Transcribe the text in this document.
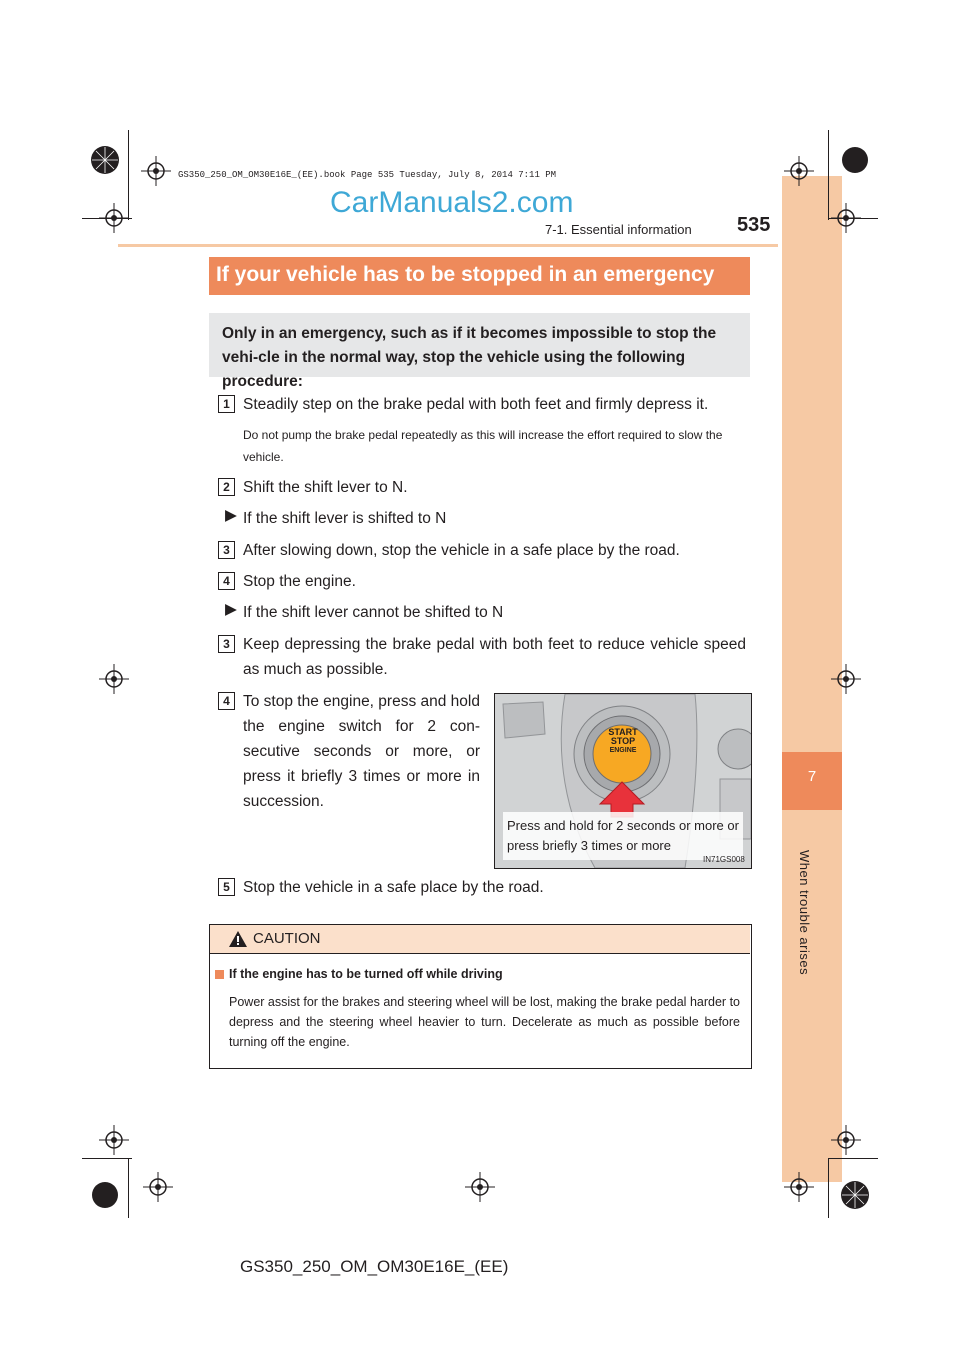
7
When trouble arises
GS350_250_OM_OM30E16E_(EE).book Page 535 Tuesday, July 8, 2014 7:11 PM
CarManuals2.com
7-1. Essential information 535
If your vehicle has to be stopped in an emergency
Only in an emergency, such as if it becomes impossible to stop the vehi-cle in the normal way, stop the vehicle using the following procedure:
1 Steadily step on the brake pedal with both feet and firmly depress it.
Do not pump the brake pedal repeatedly as this will increase the effort required to slow the vehicle.
2 Shift the shift lever to N.
▶ If the shift lever is shifted to N
3 After slowing down, stop the vehicle in a safe place by the road.
4 Stop the engine.
▶ If the shift lever cannot be shifted to N
3 Keep depressing the brake pedal with both feet to reduce vehicle speed as much as possible.
4 To stop the engine, press and hold the engine switch for 2 con-secutive seconds or more, or press it briefly 3 times or more in succession.
START
STOP
ENGINE
Press and hold for 2 seconds or more or press briefly 3 times or more
IN71GS008
5 Stop the vehicle in a safe place by the road.
CAUTION
If the engine has to be turned off while driving
Power assist for the brakes and steering wheel will be lost, making the brake pedal harder to depress and the steering wheel heavier to turn. Decelerate as much as possible before turning off the engine.
GS350_250_OM_OM30E16E_(EE)
